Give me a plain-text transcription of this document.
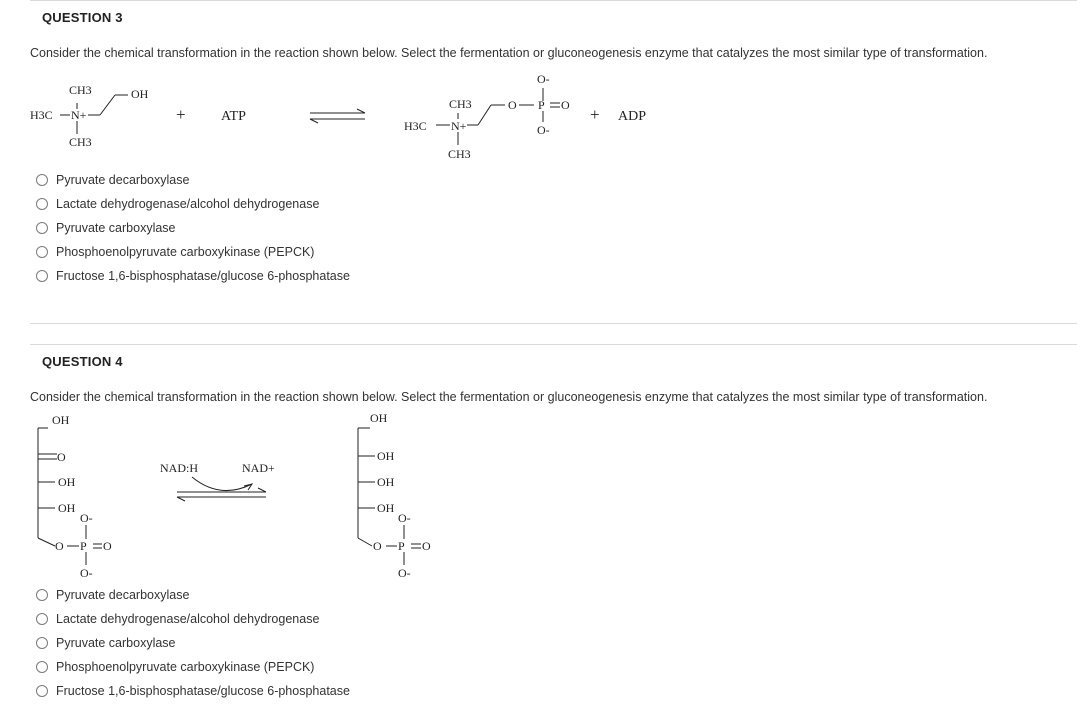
QUESTION 3
Consider the chemical transformation in the reaction shown below. Select the fermentation or gluconeogenesis enzyme that catalyzes the most similar type of transformation.
CH3
H3C N+
CH3
OH
CH3
H3C N+
CH3
O P O
O-
O-
+	ATP	+ ADP
Pyruvate decarboxylase
Lactate dehydrogenase/alcohol dehydrogenase
Pyruvate carboxylase
Phosphoenolpyruvate carboxykinase (PEPCK)
Fructose 1,6-bisphosphatase/glucose 6-phosphatase
QUESTION 4
Consider the chemical transformation in the reaction shown below. Select the fermentation or gluconeogenesis enzyme that catalyzes the most similar type of transformation.
OH
O
OH
OH
O-
O P O
O-
NAD:H	NAD+
OH
OH
OH
OH
O-
O P O
O-
Pyruvate decarboxylase
Lactate dehydrogenase/alcohol dehydrogenase
Pyruvate carboxylase
Phosphoenolpyruvate carboxykinase (PEPCK)
Fructose 1,6-bisphosphatase/glucose 6-phosphatase
